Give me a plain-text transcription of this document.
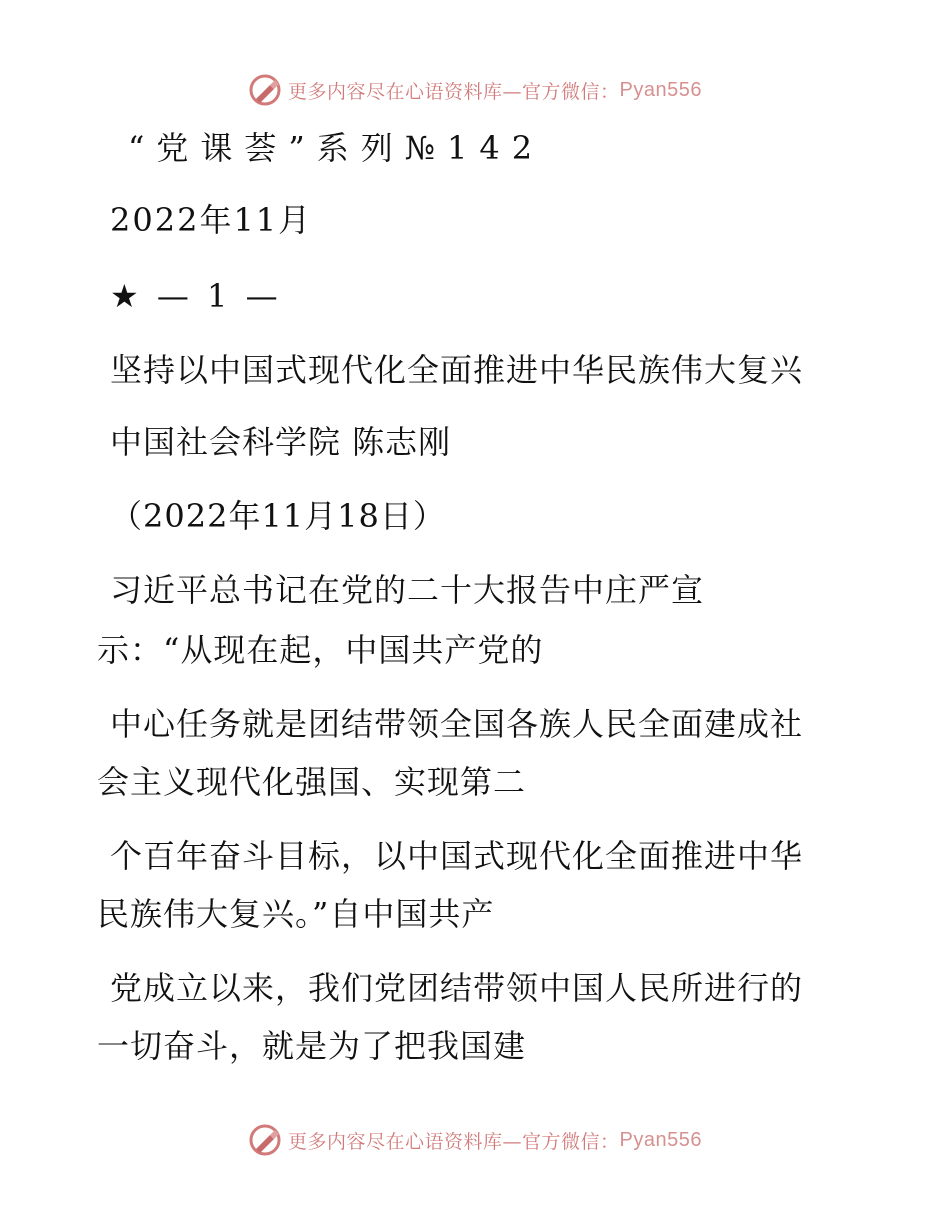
更多内容尽在心语资料库—官方微信： Pyan556
“党课荟”系列№142
2022年11月
★ — 1 —
坚持以中国式现代化全面推进中华民族伟大复兴
中国社会科学院 陈志刚
（2022年11月18日）
习近平总书记在党的二十大报告中庄严宣
示：“从现在起，中国共产党的
中心任务就是团结带领全国各族人民全面建成社
会主义现代化强国、实现第二
个百年奋斗目标，以中国式现代化全面推进中华
民族伟大复兴。”自中国共产
党成立以来，我们党团结带领中国人民所进行的
一切奋斗，就是为了把我国建
更多内容尽在心语资料库—官方微信： Pyan556
